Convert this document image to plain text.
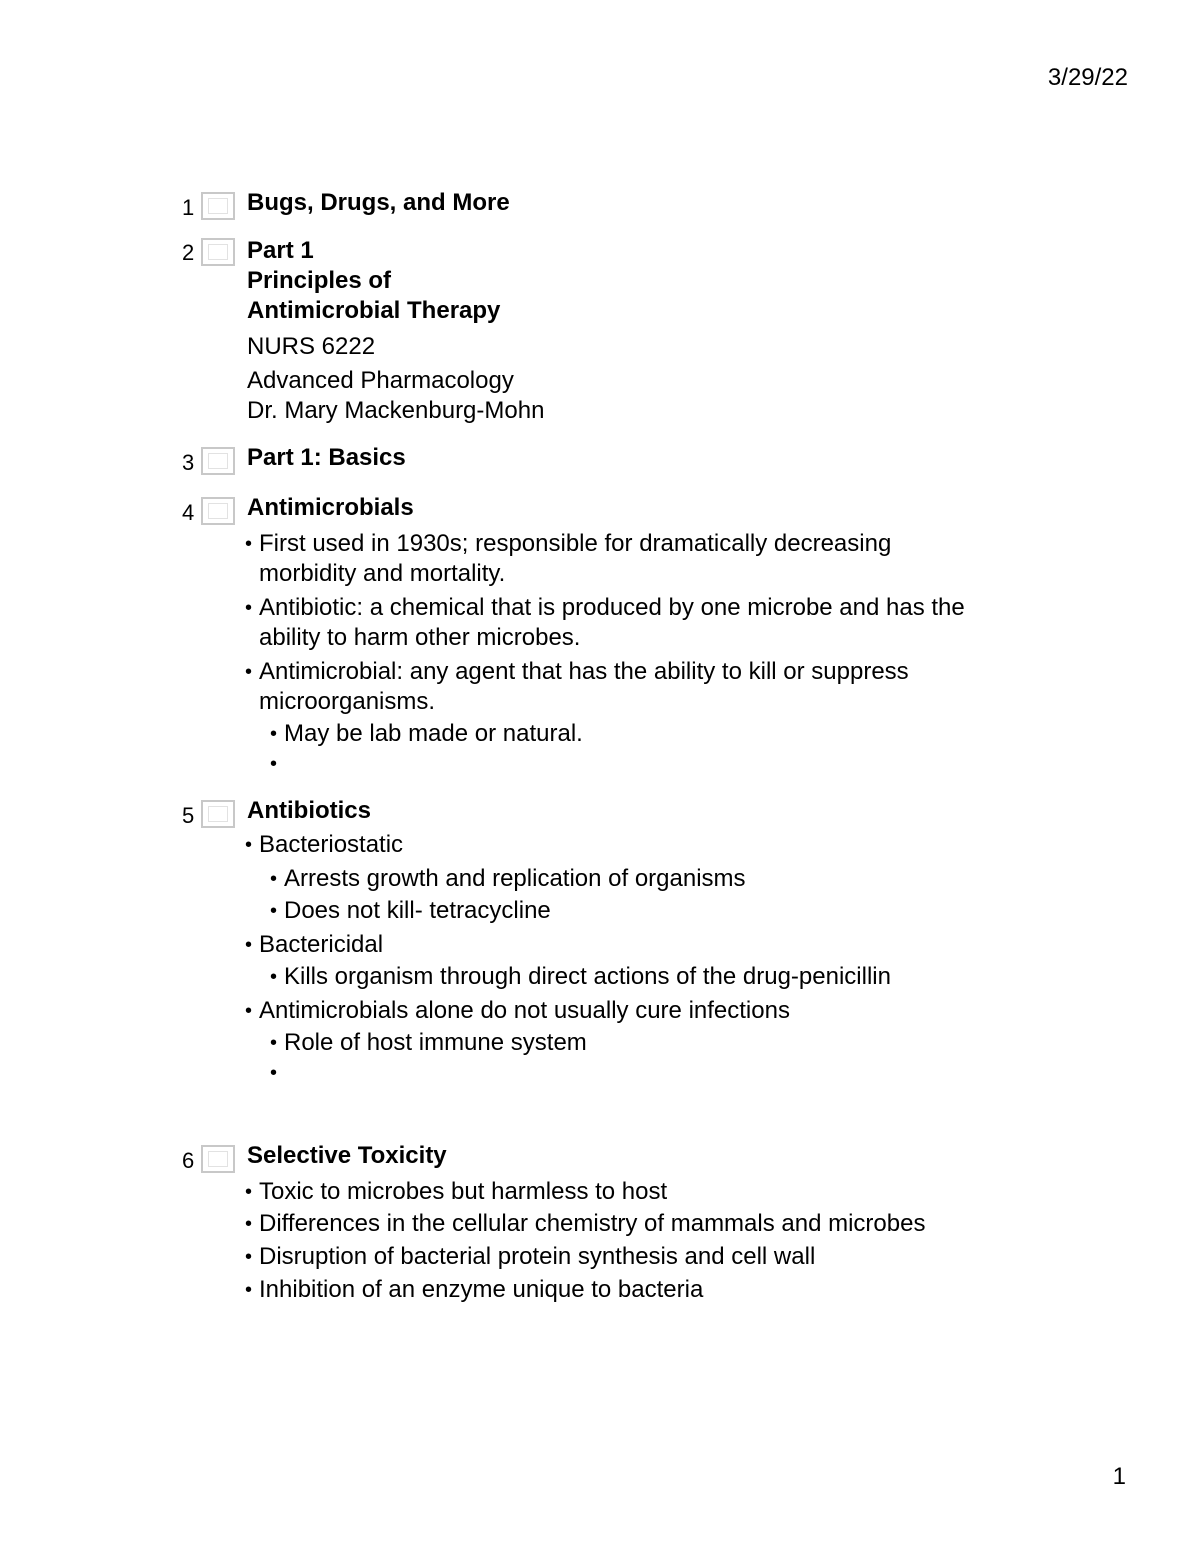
3/29/22
1 Bugs, Drugs, and More
2 Part 1
Principles of
Antimicrobial Therapy
NURS 6222
Advanced Pharmacology
Dr. Mary Mackenburg-Mohn
3 Part 1: Basics
4 Antimicrobials
• First used in 1930s; responsible for dramatically decreasing
morbidity and mortality.
• Antibiotic: a chemical that is produced by one microbe and has the
ability to harm other microbes.
• Antimicrobial: any agent that has the ability to kill or suppress
microorganisms.
• May be lab made or natural.
•
5 Antibiotics
• Bacteriostatic
• Arrests growth and replication of organisms
• Does not kill- tetracycline
• Bactericidal
• Kills organism through direct actions of the drug-penicillin
• Antimicrobials alone do not usually cure infections
• Role of host immune system
•
6 Selective Toxicity
• Toxic to microbes but harmless to host
• Differences in the cellular chemistry of mammals and microbes
• Disruption of bacterial protein synthesis and cell wall
• Inhibition of an enzyme unique to bacteria
1
